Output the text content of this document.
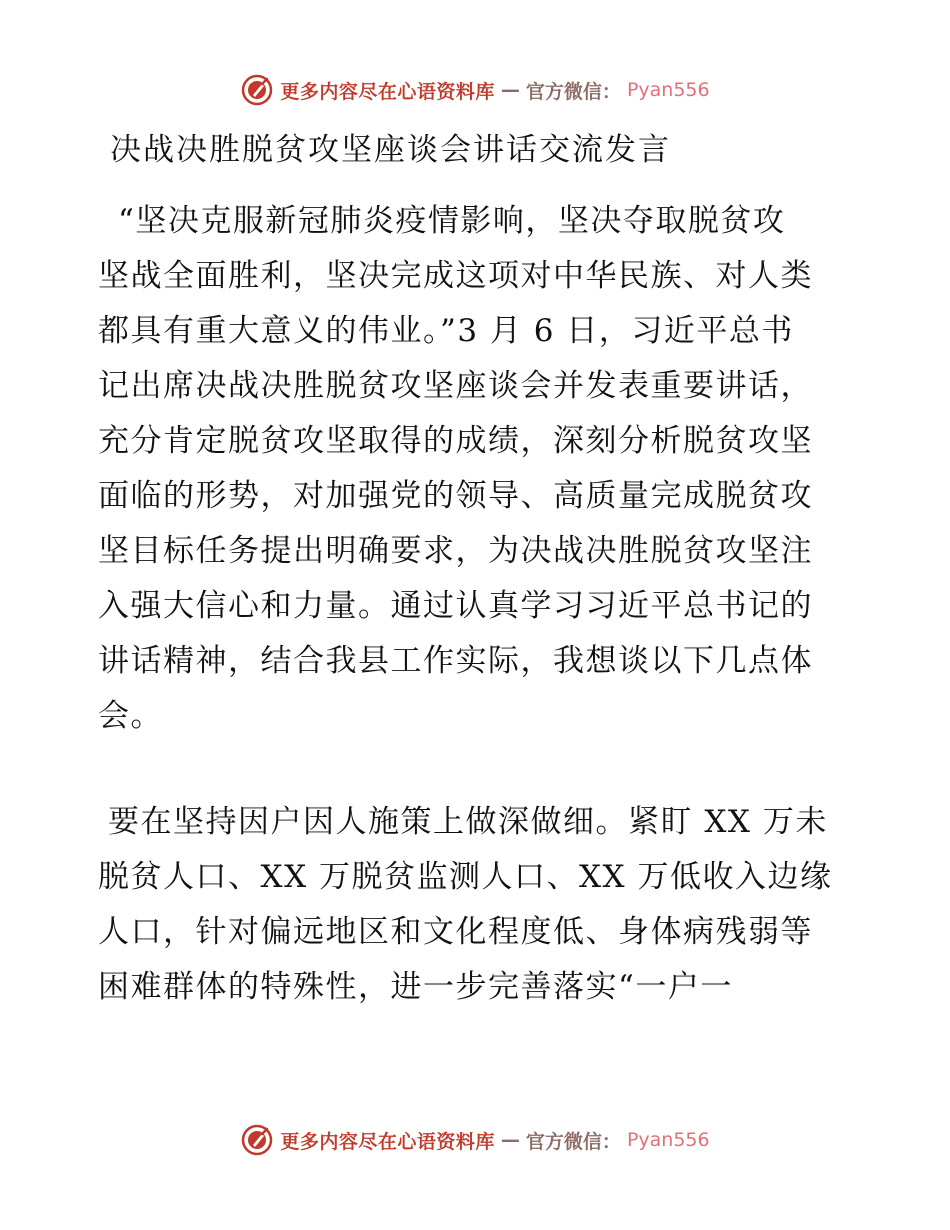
更多内容尽在心语资料库 — 官方微信： Pyan556
决战决胜脱贫攻坚座谈会讲话交流发言

“坚决克服新冠肺炎疫情影响，坚决夺取脱贫攻
坚战全面胜利，坚决完成这项对中华民族、对人类
都具有重大意义的伟业。”3 月 6 日，习近平总书
记出席决战决胜脱贫攻坚座谈会并发表重要讲话，
充分肯定脱贫攻坚取得的成绩，深刻分析脱贫攻坚
面临的形势，对加强党的领导、高质量完成脱贫攻
坚目标任务提出明确要求，为决战决胜脱贫攻坚注
入强大信心和力量。通过认真学习习近平总书记的
讲话精神，结合我县工作实际，我想谈以下几点体
会。

要在坚持因户因人施策上做深做细。紧盯 XX 万未
脱贫人口、XX 万脱贫监测人口、XX 万低收入边缘
人口，针对偏远地区和文化程度低、身体病残弱等
困难群体的特殊性，进一步完善落实“一户一

更多内容尽在心语资料库 — 官方微信： Pyan556
